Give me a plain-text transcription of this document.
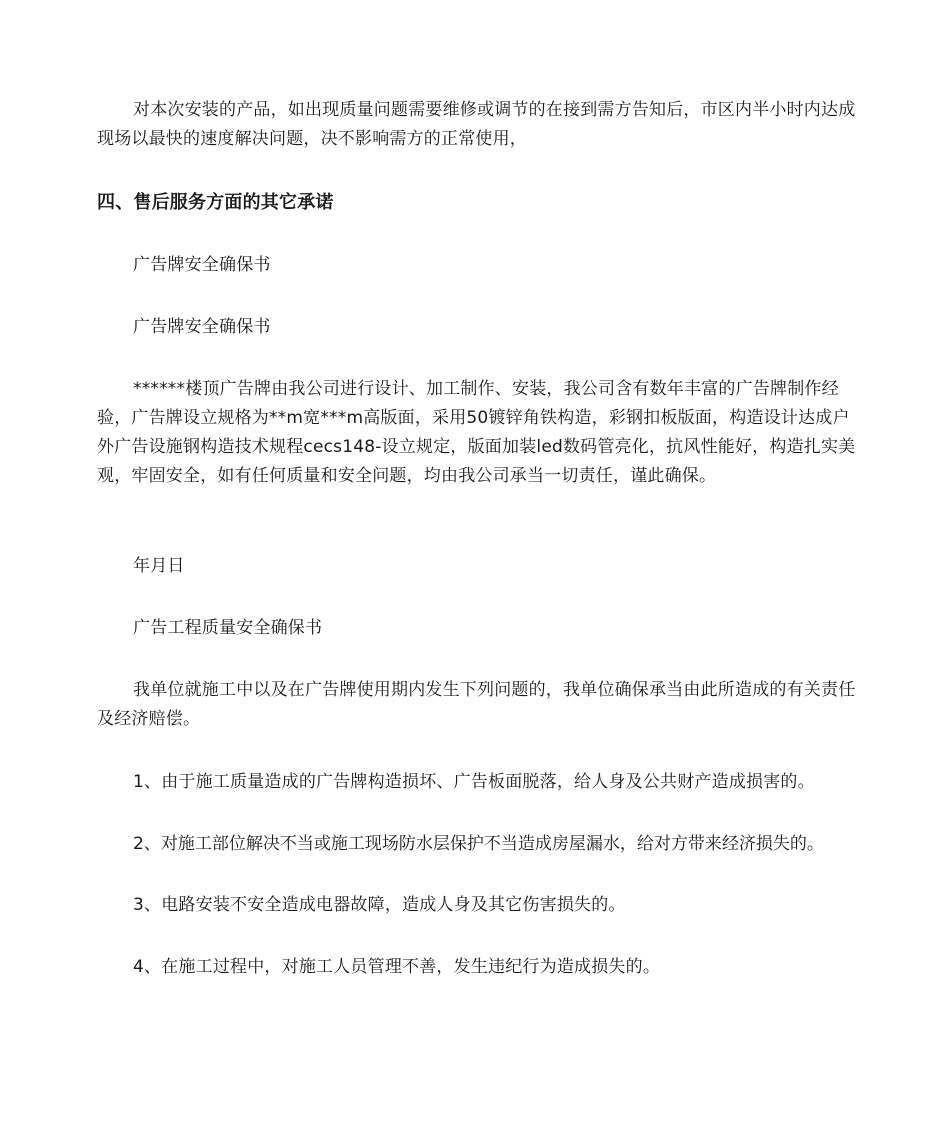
对本次安装的产品，如出现质量问题需要维修或调节的在接到需方告知后，市区内半小时内达成现场以最快的速度解决问题，决不影响需方的正常使用，

四、售后服务方面的其它承诺

广告牌安全确保书

广告牌安全确保书

******楼顶广告牌由我公司进行设计、加工制作、安装，我公司含有数年丰富的广告牌制作经验，广告牌设立规格为**m宽***m高版面，采用50镀锌角铁构造，彩钢扣板版面，构造设计达成户外广告设施钢构造技术规程cecs148-设立规定，版面加装led数码管亮化，抗风性能好，构造扎实美观，牢固安全，如有任何质量和安全问题，均由我公司承当一切责任，谨此确保。

年月日

广告工程质量安全确保书

我单位就施工中以及在广告牌使用期内发生下列问题的，我单位确保承当由此所造成的有关责任及经济赔偿。

1、由于施工质量造成的广告牌构造损坏、广告板面脱落，给人身及公共财产造成损害的。

2、对施工部位解决不当或施工现场防水层保护不当造成房屋漏水，给对方带来经济损失的。

3、电路安装不安全造成电器故障，造成人身及其它伤害损失的。

4、在施工过程中，对施工人员管理不善，发生违纪行为造成损失的。
